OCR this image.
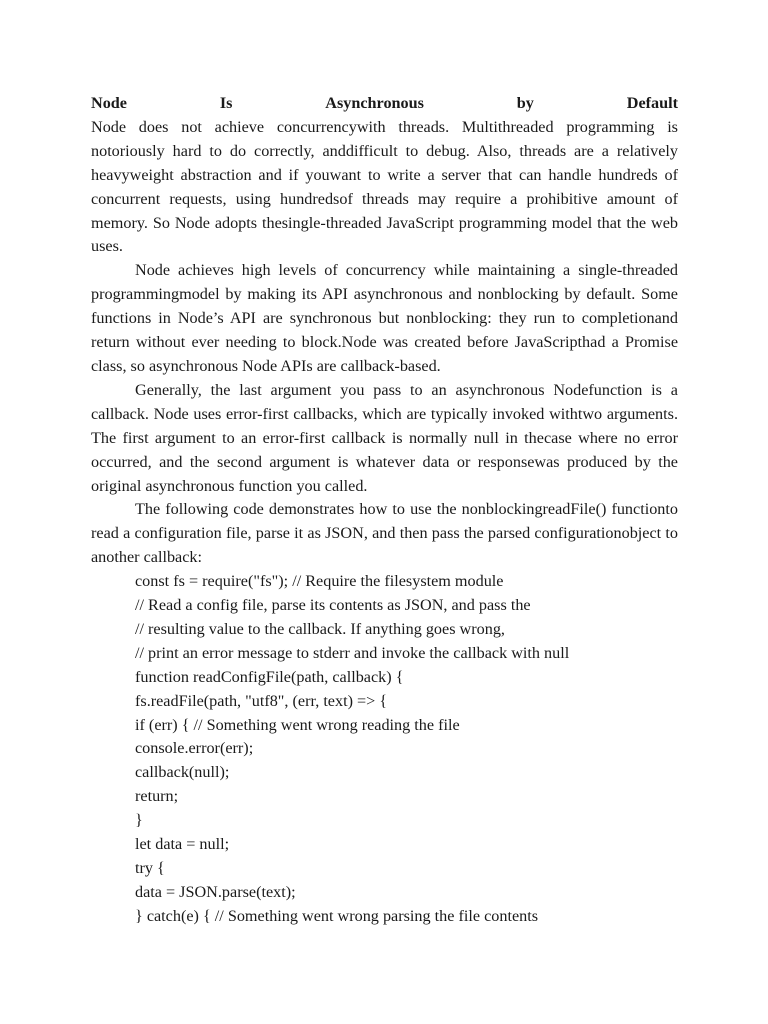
Node	Is	Asynchronous	by	Default

Node does not achieve concurrencywith threads. Multithreaded programming is notoriously hard to do correctly, anddifficult to debug. Also, threads are a relatively heavyweight abstraction and if youwant to write a server that can handle hundreds of concurrent requests, using hundredsof threads may require a prohibitive amount of memory. So Node adopts thesingle-threaded JavaScript programming model that the web uses.

Node achieves high levels of concurrency while maintaining a single-threaded programmingmodel by making its API asynchronous and nonblocking by default. Some functions in Node’s API are synchronous but nonblocking: they run to completionand return without ever needing to block.Node was created before JavaScripthad a Promise class, so asynchronous Node APIs are callback-based.

Generally, the last argument you pass to an asynchronous Nodefunction is a callback. Node uses error-first callbacks, which are typically invoked withtwo arguments. The first argument to an error-first callback is normally null in thecase where no error occurred, and the second argument is whatever data or responsewas produced by the original asynchronous function you called.

The following code demonstrates how to use the nonblockingreadFile() functionto read a configuration file, parse it as JSON, and then pass the parsed configurationobject to another callback:

const fs = require("fs"); // Require the filesystem module
// Read a config file, parse its contents as JSON, and pass the
// resulting value to the callback. If anything goes wrong,
// print an error message to stderr and invoke the callback with null
function readConfigFile(path, callback) {
fs.readFile(path, "utf8", (err, text) => {
if (err) { // Something went wrong reading the file
console.error(err);
callback(null);
return;
}
let data = null;
try {
data = JSON.parse(text);
} catch(e) { // Something went wrong parsing the file contents
